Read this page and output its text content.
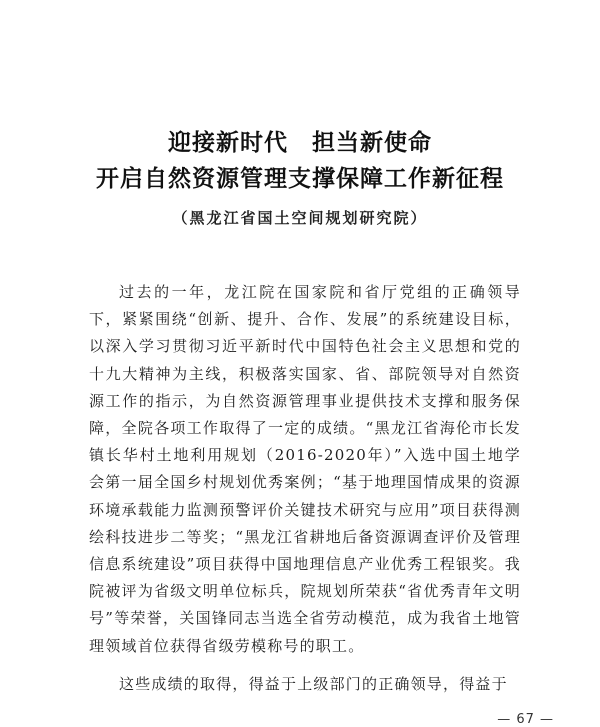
迎接新时代　担当新使命
开启自然资源管理支撑保障工作新征程
（黑龙江省国土空间规划研究院）

过去的一年，龙江院在国家院和省厅党组的正确领导下，紧紧围绕“创新、提升、合作、发展”的系统建设目标，以深入学习贯彻习近平新时代中国特色社会主义思想和党的十九大精神为主线，积极落实国家、省、部院领导对自然资源工作的指示，为自然资源管理事业提供技术支撑和服务保障，全院各项工作取得了一定的成绩。“黑龙江省海伦市长发镇长华村土地利用规划（2016-2020年）”入选中国土地学会第一届全国乡村规划优秀案例；“基于地理国情成果的资源环境承载能力监测预警评价关键技术研究与应用”项目获得测绘科技进步二等奖；“黑龙江省耕地后备资源调查评价及管理信息系统建设”项目获得中国地理信息产业优秀工程银奖。我院被评为省级文明单位标兵，院规划所荣获“省优秀青年文明号”等荣誉，关国锋同志当选全省劳动模范，成为我省土地管理领域首位获得省级劳模称号的职工。

这些成绩的取得，得益于上级部门的正确领导，得益于

— 67 —
